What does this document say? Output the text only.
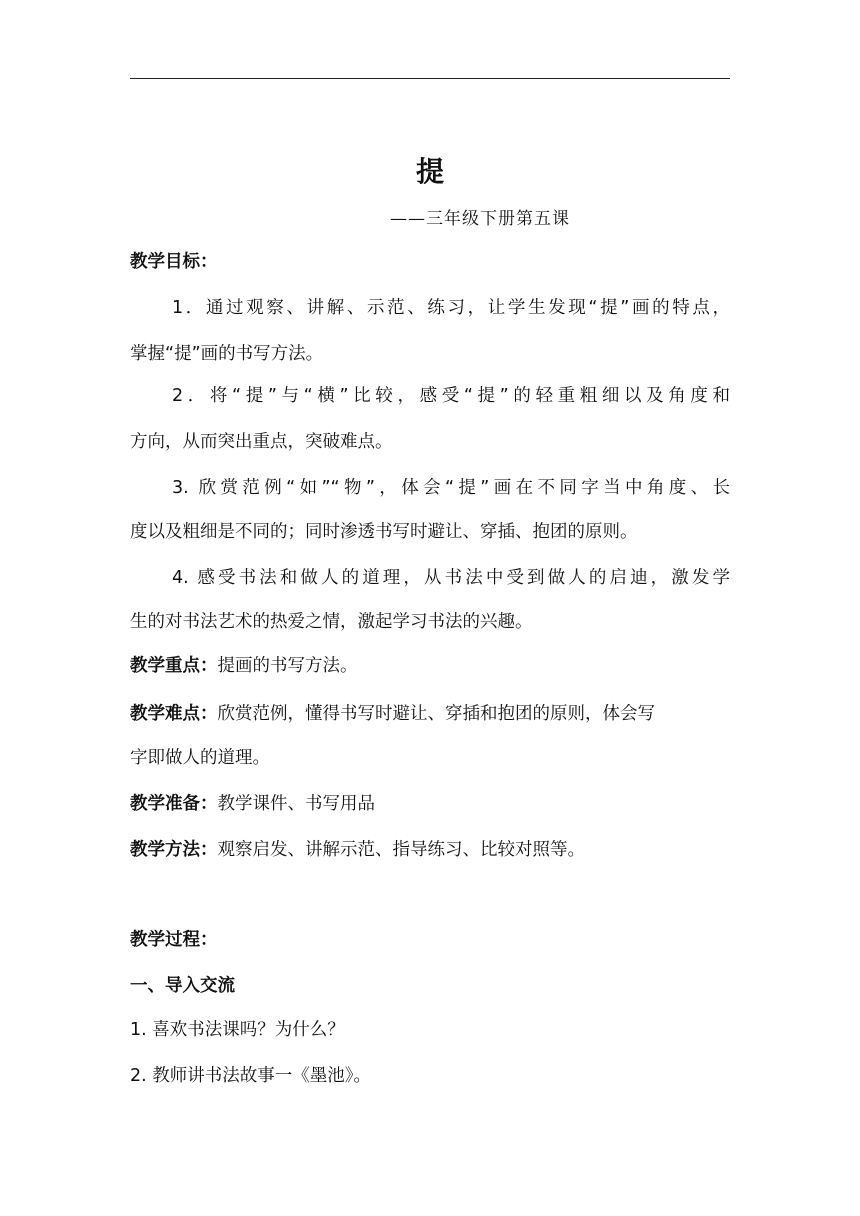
提
——三年级下册第五课
教学目标：
1．通过观察、讲解、示范、练习，让学生发现“提”画的特点，
掌握“提”画的书写方法。
2．将“提”与“横”比较，感受“提”的轻重粗细以及角度和
方向，从而突出重点，突破难点。
3. 欣赏范例“如”“物”，体会“提”画在不同字当中角度、长
度以及粗细是不同的；同时渗透书写时避让、穿插、抱团的原则。
4. 感受书法和做人的道理，从书法中受到做人的启迪，激发学
生的对书法艺术的热爱之情，激起学习书法的兴趣。
教学重点：提画的书写方法。
教学难点：欣赏范例，懂得书写时避让、穿插和抱团的原则，体会写
字即做人的道理。
教学准备：教学课件、书写用品
教学方法：观察启发、讲解示范、指导练习、比较对照等。
教学过程：
一、导入交流
1. 喜欢书法课吗？为什么？
2. 教师讲书法故事一《墨池》。
